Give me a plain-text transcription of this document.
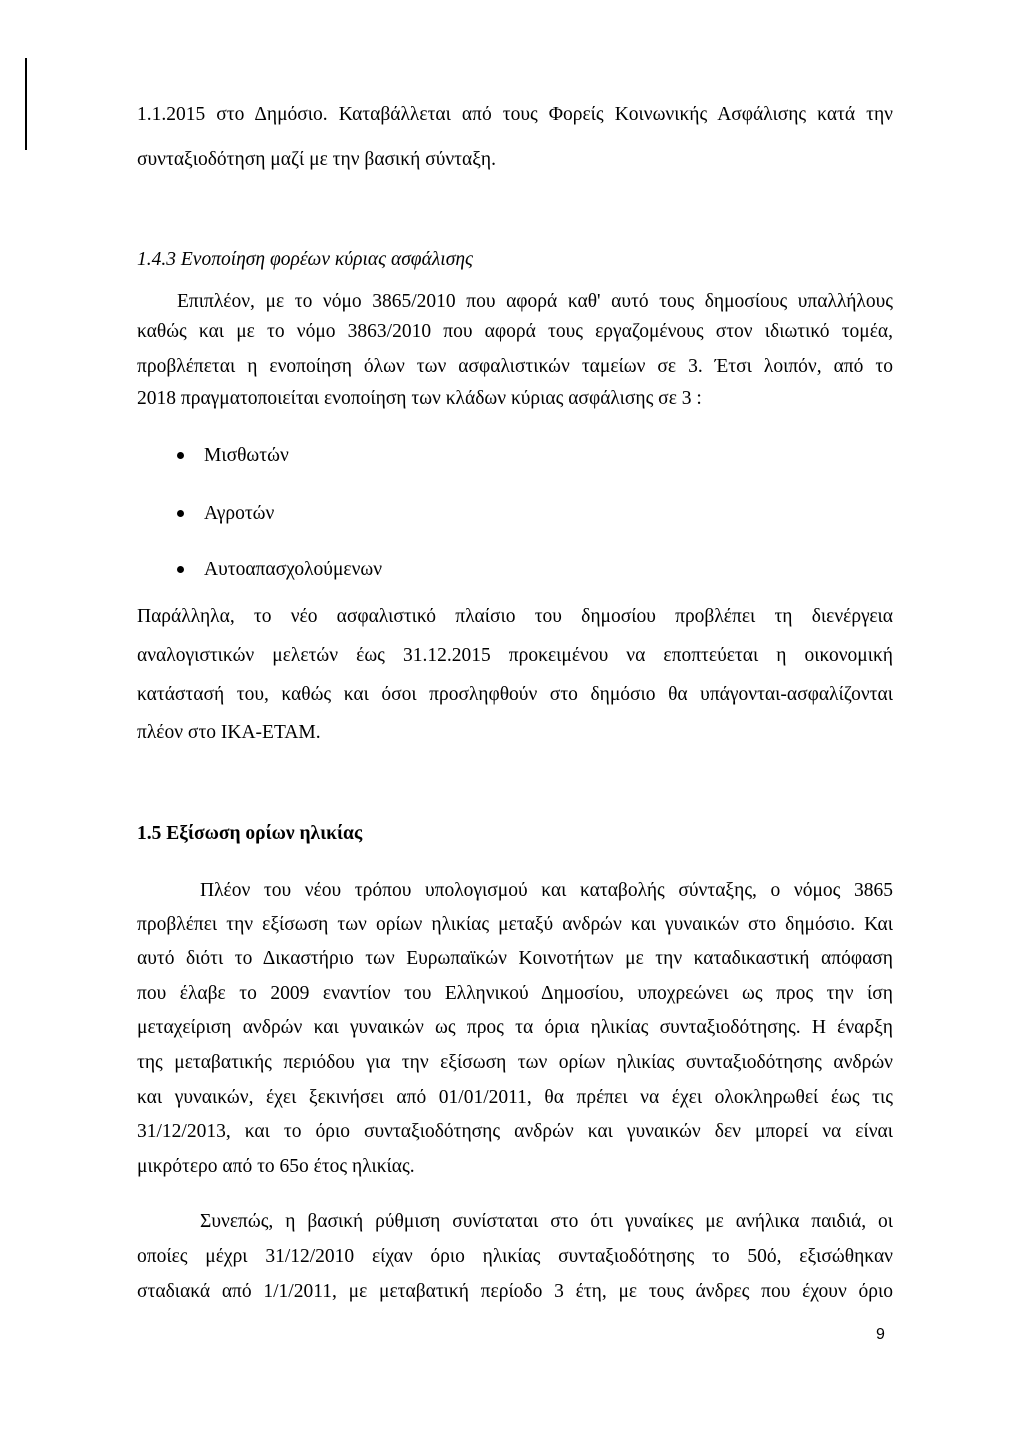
1.1.2015 στο Δημόσιο. Καταβάλλεται από τους Φορείς Κοινωνικής Ασφάλισης κατά την
συνταξιοδότηση μαζί με την βασική σύνταξη.
1.4.3 Ενοποίηση φορέων κύριας ασφάλισης
Επιπλέον, με το νόμο 3865/2010 που αφορά καθ' αυτό τους δημοσίους υπαλλήλους
καθώς και με το νόμο 3863/2010 που αφορά τους εργαζομένους στον ιδιωτικό τομέα,
προβλέπεται η ενοποίηση όλων των ασφαλιστικών ταμείων σε 3. Έτσι λοιπόν, από το
2018 πραγματοποιείται ενοποίηση των κλάδων κύριας ασφάλισης σε 3 :
Μισθωτών
Αγροτών
Αυτοαπασχολούμενων
Παράλληλα, το νέο ασφαλιστικό πλαίσιο του δημοσίου προβλέπει τη διενέργεια
αναλογιστικών μελετών έως 31.12.2015 προκειμένου να εποπτεύεται η οικονομική
κατάστασή του, καθώς και όσοι προσληφθούν στο δημόσιο θα υπάγονται-ασφαλίζονται
πλέον στο ΙΚΑ-ΕΤΑΜ.
1.5 Εξίσωση ορίων ηλικίας
Πλέον του νέου τρόπου υπολογισμού και καταβολής σύνταξης, ο νόμος 3865
προβλέπει την εξίσωση των ορίων ηλικίας μεταξύ ανδρών και γυναικών στο δημόσιο. Και
αυτό διότι το Δικαστήριο των Ευρωπαϊκών Κοινοτήτων με την καταδικαστική απόφαση
που έλαβε το 2009 εναντίον του Ελληνικού Δημοσίου, υποχρεώνει ως προς την ίση
μεταχείριση ανδρών και γυναικών ως προς τα όρια ηλικίας συνταξιοδότησης. Η έναρξη
της μεταβατικής περιόδου για την εξίσωση των ορίων ηλικίας συνταξιοδότησης ανδρών
και γυναικών, έχει ξεκινήσει από 01/01/2011, θα πρέπει να έχει ολοκληρωθεί έως τις
31/12/2013, και το όριο συνταξιοδότησης ανδρών και γυναικών δεν μπορεί να είναι
μικρότερο από το 65ο έτος ηλικίας.
Συνεπώς, η βασική ρύθμιση συνίσταται στο ότι γυναίκες με ανήλικα παιδιά, οι
οποίες μέχρι 31/12/2010 είχαν όριο ηλικίας συνταξιοδότησης το 50ό, εξισώθηκαν
σταδιακά από 1/1/2011, με μεταβατική περίοδο 3 έτη, με τους άνδρες που έχουν όριο
9
